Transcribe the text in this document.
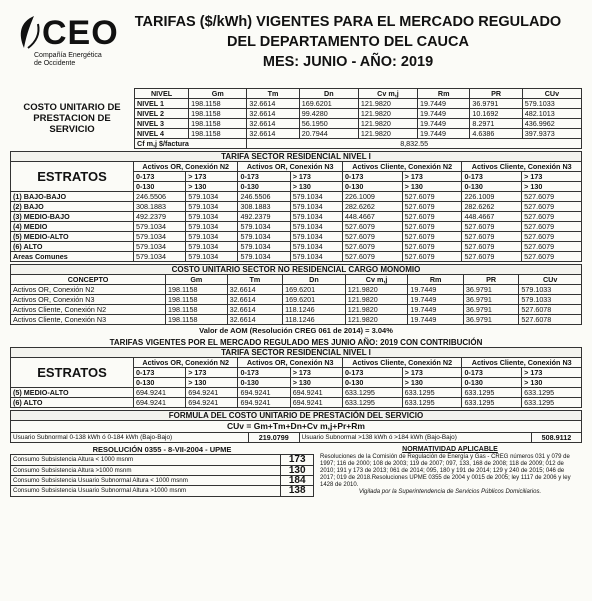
CEO
Compañía Energética
de Occidente
TARIFAS ($/kWh) VIGENTES PARA EL MERCADO REGULADO
DEL DEPARTAMENTO DEL CAUCA
MES: JUNIO - AÑO: 2019
COSTO UNITARIO DE PRESTACION DE SERVICIO	NIVEL	Gm	Tm	Dn	Cv m,j	Rm	PR	CUv
	NIVEL 1	198.1158	32.6614	169.6201	121.9820	19.7449	36.9791	579.1033
	NIVEL 2	198.1158	32.6614	99.4280	121.9820	19.7449	10.1692	482.1013
	NIVEL 3	198.1158	32.6614	56.1950	121.9820	19.7449	8.2971	436.9962
	NIVEL 4	198.1158	32.6614	20.7944	121.9820	19.7449	4.6386	397.9373
	Cf m,j $/factura		8,832.55					
TARIFA SECTOR RESIDENCIAL NIVEL I								
ESTRATOS	Activos OR, Conexión N2		Activos OR, Conexión N3		Activos Cliente, Conexión N2		Activos Cliente, Conexión N3	
	0-173	> 173	0-173	> 173	0-173	> 173	0-173	> 173
	0-130	> 130	0-130	> 130	0-130	> 130	0-130	> 130
(1) BAJO-BAJO	246.5506	579.1034	246.5506	579.1034	226.1009	527.6079	226.1009	527.6079
(2) BAJO	308.1883	579.1034	308.1883	579.1034	282.6262	527.6079	282.6262	527.6079
(3) MEDIO-BAJO	492.2379	579.1034	492.2379	579.1034	448.4667	527.6079	448.4667	527.6079
(4) MEDIO	579.1034	579.1034	579.1034	579.1034	527.6079	527.6079	527.6079	527.6079
(5) MEDIO-ALTO	579.1034	579.1034	579.1034	579.1034	527.6079	527.6079	527.6079	527.6079
(6) ALTO	579.1034	579.1034	579.1034	579.1034	527.6079	527.6079	527.6079	527.6079
Areas Comunes	579.1034	579.1034	579.1034	579.1034	527.6079	527.6079	527.6079	527.6079
COSTO UNITARIO SECTOR NO RESIDENCIAL CARGO MONOMIO							
CONCEPTO	Gm	Tm	Dn	Cv m,j	Rm	PR	CUv
Activos OR, Conexión N2	198.1158	32.6614	169.6201	121.9820	19.7449	36.9791	579.1033
Activos OR, Conexión N3	198.1158	32.6614	169.6201	121.9820	19.7449	36.9791	579.1033
Activos Cliente, Conexión N2	198.1158	32.6614	118.1246	121.9820	19.7449	36.9791	527.6078
Activos Cliente, Conexión N3	198.1158	32.6614	118.1246	121.9820	19.7449	36.9791	527.6078
Valor de AOM (Resolución CREG 061 de 2014) = 3.04%							
TARIFAS VIGENTES POR EL MERCADO REGULADO MES JUNIO AÑO: 2019 CON CONTRIBUCIÓN								
TARIFA SECTOR RESIDENCIAL NIVEL I								
ESTRATOS	Activos OR, Conexión N2		Activos OR, Conexión N3		Activos Cliente, Conexión N2		Activos Cliente, Conexión N3	
	0-173	> 173	0-173	> 173	0-173	> 173	0-173	> 173
	0-130	> 130	0-130	> 130	0-130	> 130	0-130	> 130
(5) MEDIO-ALTO	694.9241	694.9241	694.9241	694.9241	633.1295	633.1295	633.1295	633.1295
(6) ALTO	694.9241	694.9241	694.9241	694.9241	633.1295	633.1295	633.1295	633.1295
FORMULA DEL COSTO UNITARIO DE PRESTACIÓN DEL SERVICIO
CUv = Gm+Tm+Dn+Cv m,j+Pr+Rm
Usuario Subnormal 0-138 kWh ó 0-184 kWh (Bajo-Bajo)	219.0799	Usuario Subnormal >138 kWh ó >184 kWh (Bajo-Bajo)	508.9112
RESOLUCIÓN 0355 - 8-VII-2004 - UPME		NORMATIVIDAD APLICABLE
Resoluciones de la Comisión de Regulación de Energía y Gas - CREG números 031 y 079 de 1997; 116 de 2000; 108 de 2003; 119 de 2007; 097, 133, 168 de 2008; 118 de 2009; 012 de 2010; 191 y 173 de 2013; 061 de 2014; 095, 180 y 191 de 2014; 129 y 240 de 2015; 046 de 2017; 019 de 2018.Resoluciones UPME 0355 de 2004 y 0015 de 2005; ley 1117 de 2006 y ley 1428 de 2010.
Vigilada por la Superintendencia de Servicios Públicos Domiciliarios.

Consumo Subsistencia Altura < 1000 msnm	173	
Consumo Subsistencia Altura >1000 msnm	130	
Consumo Subsistencia Usuario Subnormal Altura < 1000 msnm	184	
Consumo Subsistencia Usuario Subnormal Altura >1000 msnm	138	
